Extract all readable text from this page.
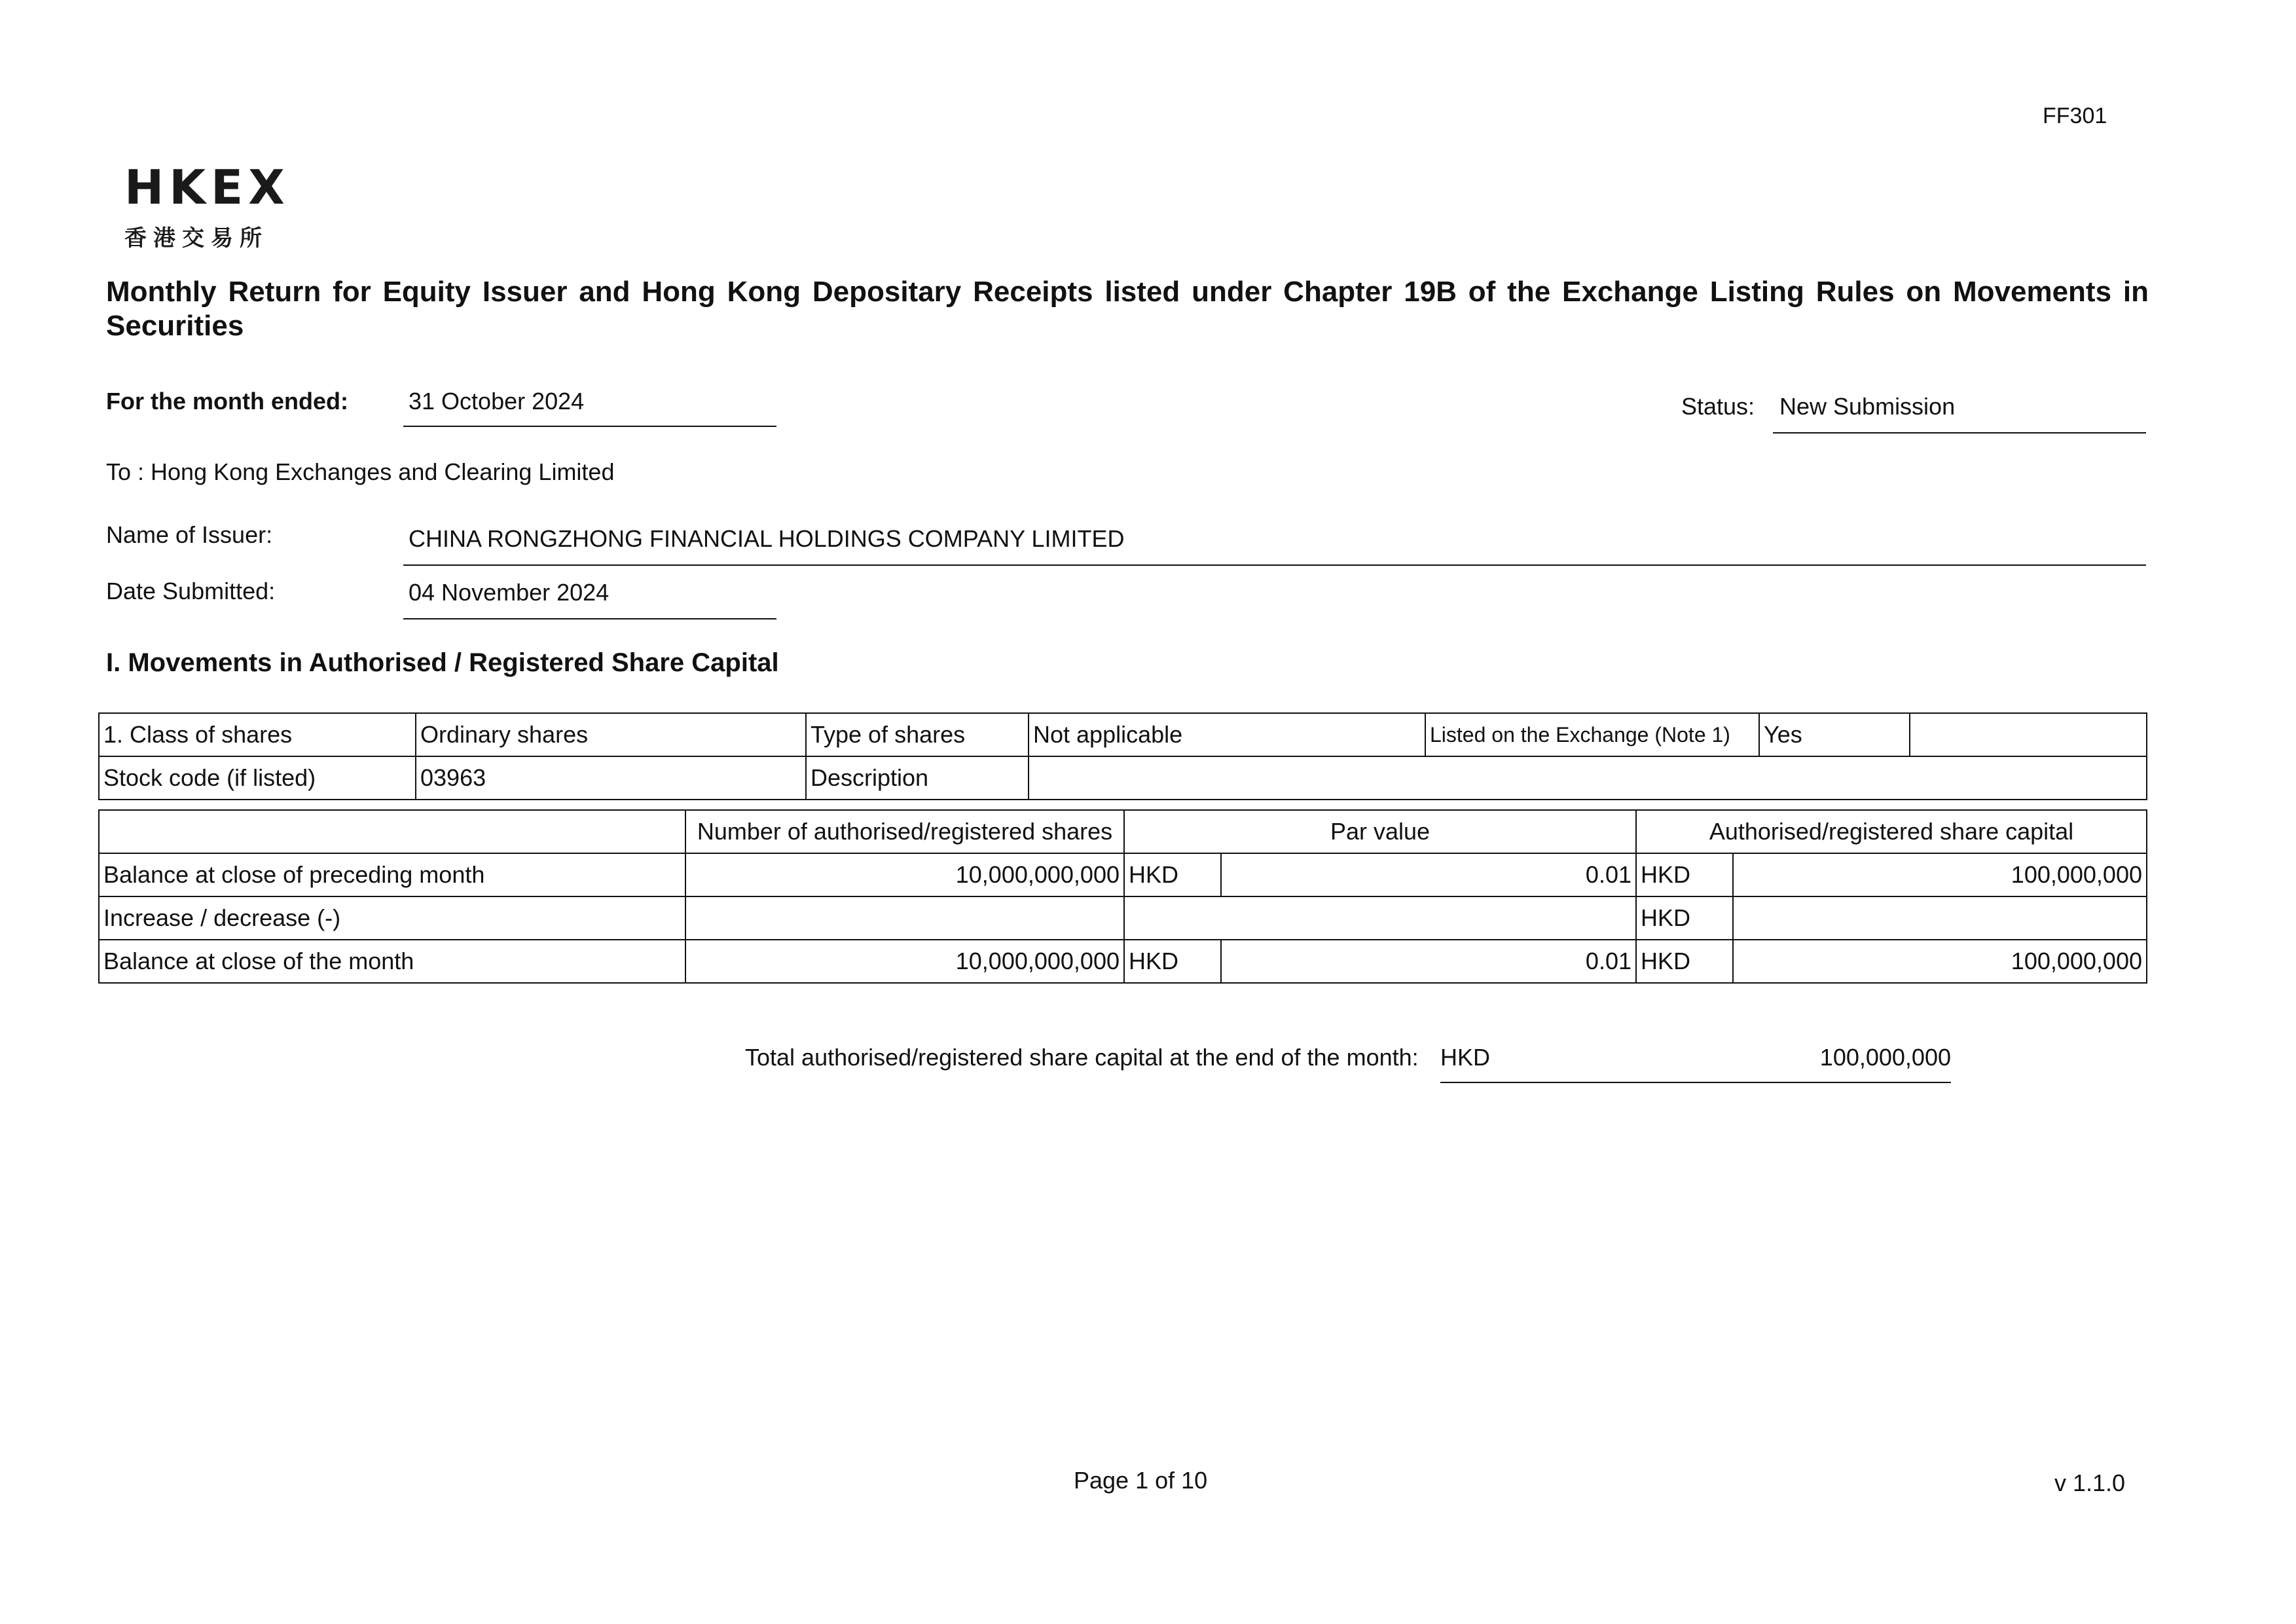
FF301
HKEX
香港交易所
Monthly Return for Equity Issuer and Hong Kong Depositary Receipts listed under Chapter 19B of the Exchange Listing Rules on Movements in Securities
For the month ended:	31 October 2024	Status: New Submission
To : Hong Kong Exchanges and Clearing Limited
Name of Issuer:	CHINA RONGZHONG FINANCIAL HOLDINGS COMPANY LIMITED
Date Submitted:	04 November 2024
I. Movements in Authorised / Registered Share Capital
1. Class of shares	Ordinary shares	Type of shares	Not applicable	Listed on the Exchange (Note 1)	Yes	
Stock code (if listed)	03963	Description				
	Number of authorised/registered shares	Par value		Authorised/registered share capital	
Balance at close of preceding month	10,000,000,000	HKD	0.01	HKD	100,000,000
Increase / decrease (-)				HKD	
Balance at close of the month	10,000,000,000	HKD	0.01	HKD	100,000,000
Total authorised/registered share capital at the end of the month: HKD	100,000,000
Page 1 of 10	v 1.1.0
